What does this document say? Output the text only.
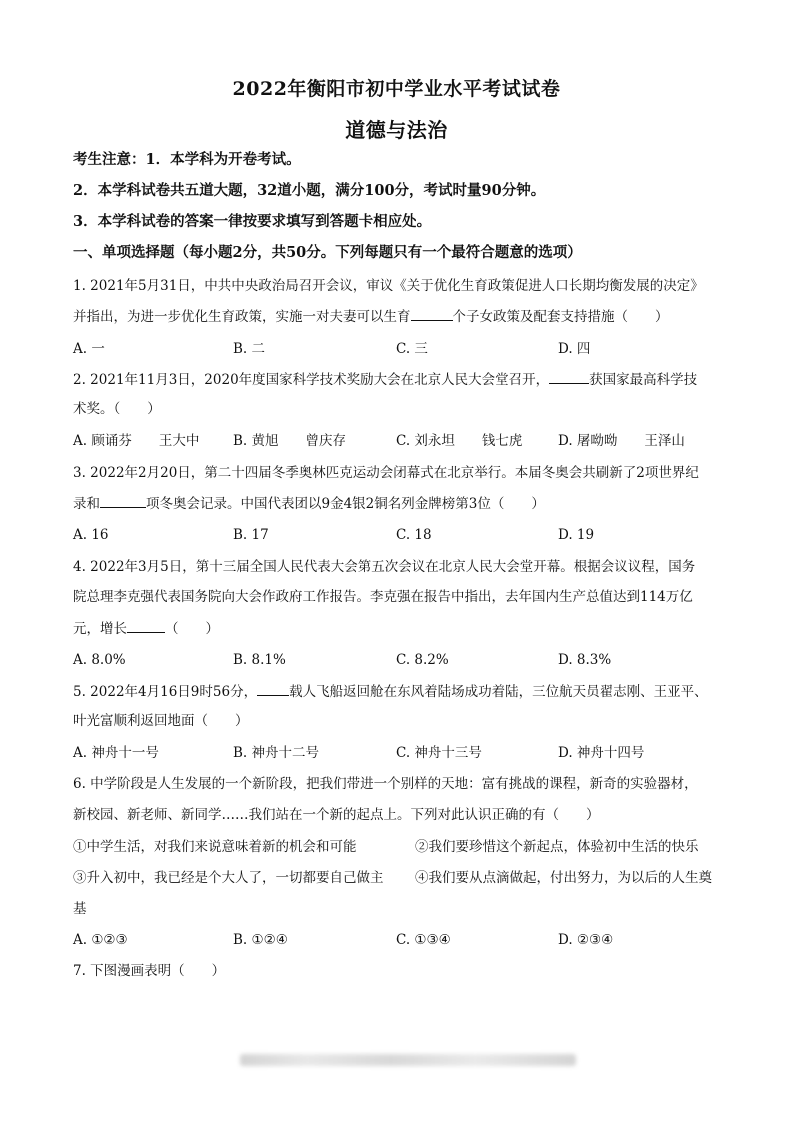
2022年衡阳市初中学业水平考试试卷
道德与法治
考生注意：1．本学科为开卷考试。
2．本学科试卷共五道大题，32道小题，满分100分，考试时量90分钟。
3．本学科试卷的答案一律按要求填写到答题卡相应处。
一、单项选择题（每小题2分，共50分。下列每题只有一个最符合题意的选项）
1. 2021年5月31日，中共中央政治局召开会议，审议《关于优化生育政策促进人口长期均衡发展的决定》
并指出，为进一步优化生育政策，实施一对夫妻可以生育	个子女政策及配套支持措施（　　）
A. 一	B. 二	C. 三	D. 四
2. 2021年11月3日，2020年度国家科学技术奖励大会在北京人民大会堂召开，	获国家最高科学技
术奖。（　　）
A. 顾诵芬　　王大中 B. 黄旭　　曾庆存	C. 刘永坦　　钱七虎	D. 屠呦呦　　王泽山
3. 2022年2月20日，第二十四届冬季奥林匹克运动会闭幕式在北京举行。本届冬奥会共刷新了2项世界纪
录和	项冬奥会记录。中国代表团以9金4银2铜名列金牌榜第3位（　　）
A. 16	B. 17	C. 18	D. 19
4. 2022年3月5日，第十三届全国人民代表大会第五次会议在北京人民大会堂开幕。根据会议议程，国务
院总理李克强代表国务院向大会作政府工作报告。李克强在报告中指出，去年国内生产总值达到114万亿
元，增长	（　　）
A. 8.0%	B. 8.1%	C. 8.2%	D. 8.3%
5. 2022年4月16日9时56分， 载人飞船返回舱在东风着陆场成功着陆，三位航天员翟志刚、王亚平、
叶光富顺利返回地面（　　）
A. 神舟十一号	B. 神舟十二号	C. 神舟十三号	D. 神舟十四号
6. 中学阶段是人生发展的一个新阶段，把我们带进一个别样的天地：富有挑战的课程，新奇的实验器材，
新校园、新老师、新同学……我们站在一个新的起点上。下列对此认识正确的有（　　）
①中学生活，对我们来说意味着新的机会和可能	②我们要珍惜这个新起点，体验初中生活的快乐
③升入初中，我已经是个大人了，一切都要自己做主 ④我们要从点滴做起，付出努力，为以后的人生奠
基
A. ①②③	B. ①②④	C. ①③④	D. ②③④
7. 下图漫画表明（　　）
